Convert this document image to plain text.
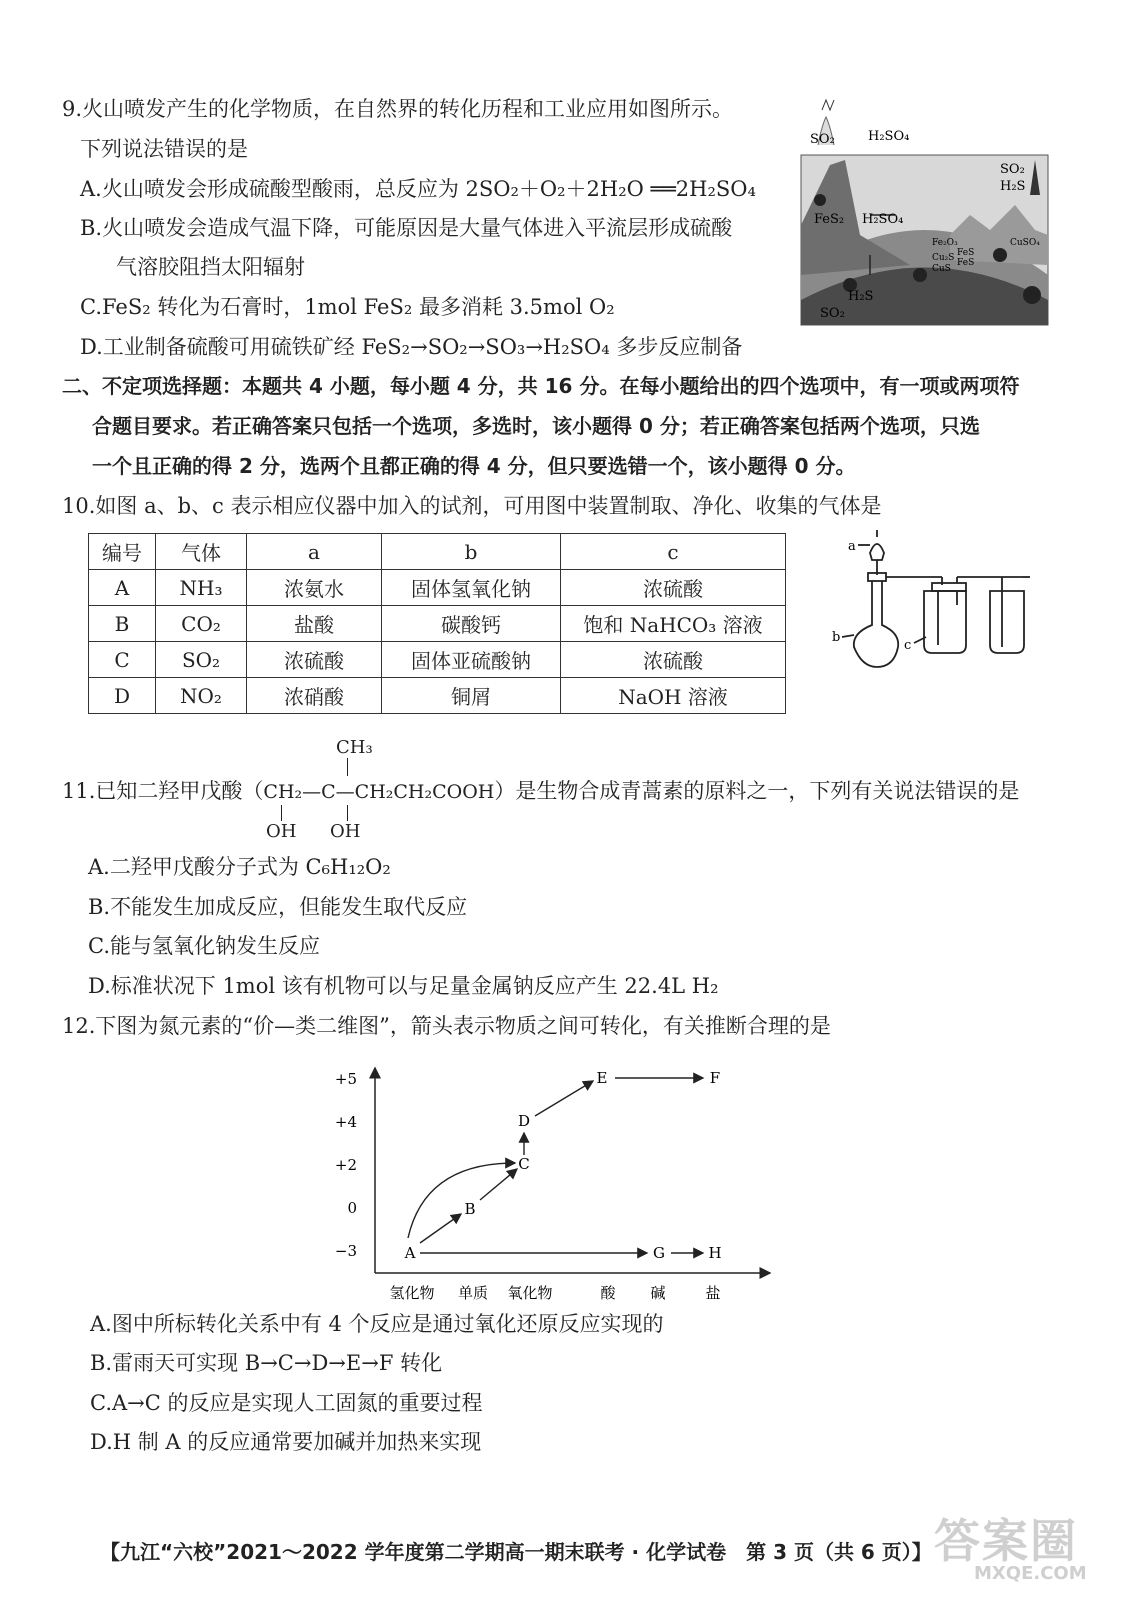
9.火山喷发产生的化学物质，在自然界的转化历程和工业应用如图所示。
下列说法错误的是
A.火山喷发会形成硫酸型酸雨，总反应为 2SO₂＋O₂＋2H₂O ══2H₂SO₄
B.火山喷发会造成气温下降，可能原因是大量气体进入平流层形成硫酸
气溶胶阻挡太阳辐射
C.FeS₂ 转化为石膏时，1mol FeS₂ 最多消耗 3.5mol O₂
D.工业制备硫酸可用硫铁矿经 FeS₂→SO₂→SO₃→H₂SO₄ 多步反应制备
SO₂	H₂SO₄
SO₂
H₂S
FeS₂ H₂SO₄
Fe₂O₃
FeS
FeS
CuSO₄
Cu₂S
CuS
H₂S
SO₂
二、不定项选择题：本题共 4 小题，每小题 4 分，共 16 分。在每小题给出的四个选项中，有一项或两项符
合题目要求。若正确答案只包括一个选项，多选时，该小题得 0 分；若正确答案包括两个选项，只选
一个且正确的得 2 分，选两个且都正确的得 4 分，但只要选错一个，该小题得 0 分。
10.如图 a、b、c 表示相应仪器中加入的试剂，可用图中装置制取、净化、收集的气体是
编号	气体	a	b	c
A	NH₃	浓氨水	固体氢氧化钠	浓硫酸
B	CO₂	盐酸	碳酸钙	饱和 NaHCO₃ 溶液
C	SO₂	浓硫酸	固体亚硫酸钠	浓硫酸
D	NO₂	浓硝酸	铜屑	NaOH 溶液
a
b
c
CH₃
11.已知二羟甲戊酸（CH₂—C—CH₂CH₂COOH）是生物合成青蒿素的原料之一，下列有关说法错误的是
OH OH
A.二羟甲戊酸分子式为 C₆H₁₂O₂
B.不能发生加成反应，但能发生取代反应
C.能与氢氧化钠发生反应
D.标准状况下 1mol 该有机物可以与足量金属钠反应产生 22.4L H₂
12.下图为氮元素的“价—类二维图”，箭头表示物质之间可转化，有关推断合理的是
+5
+4
+2
0
−3
氢化物 单质 氧化物	酸 碱	盐
A
B
C
D
E	F
G	H
A.图中所标转化关系中有 4 个反应是通过氧化还原反应实现的
B.雷雨天可实现 B→C→D→E→F 转化
C.A→C 的反应是实现人工固氮的重要过程
D.H 制 A 的反应通常要加碱并加热来实现
【九江“六校”2021～2022 学年度第二学期高一期末联考 · 化学试卷　第 3 页（共 6 页）】 答案圈
MXQE.COM
